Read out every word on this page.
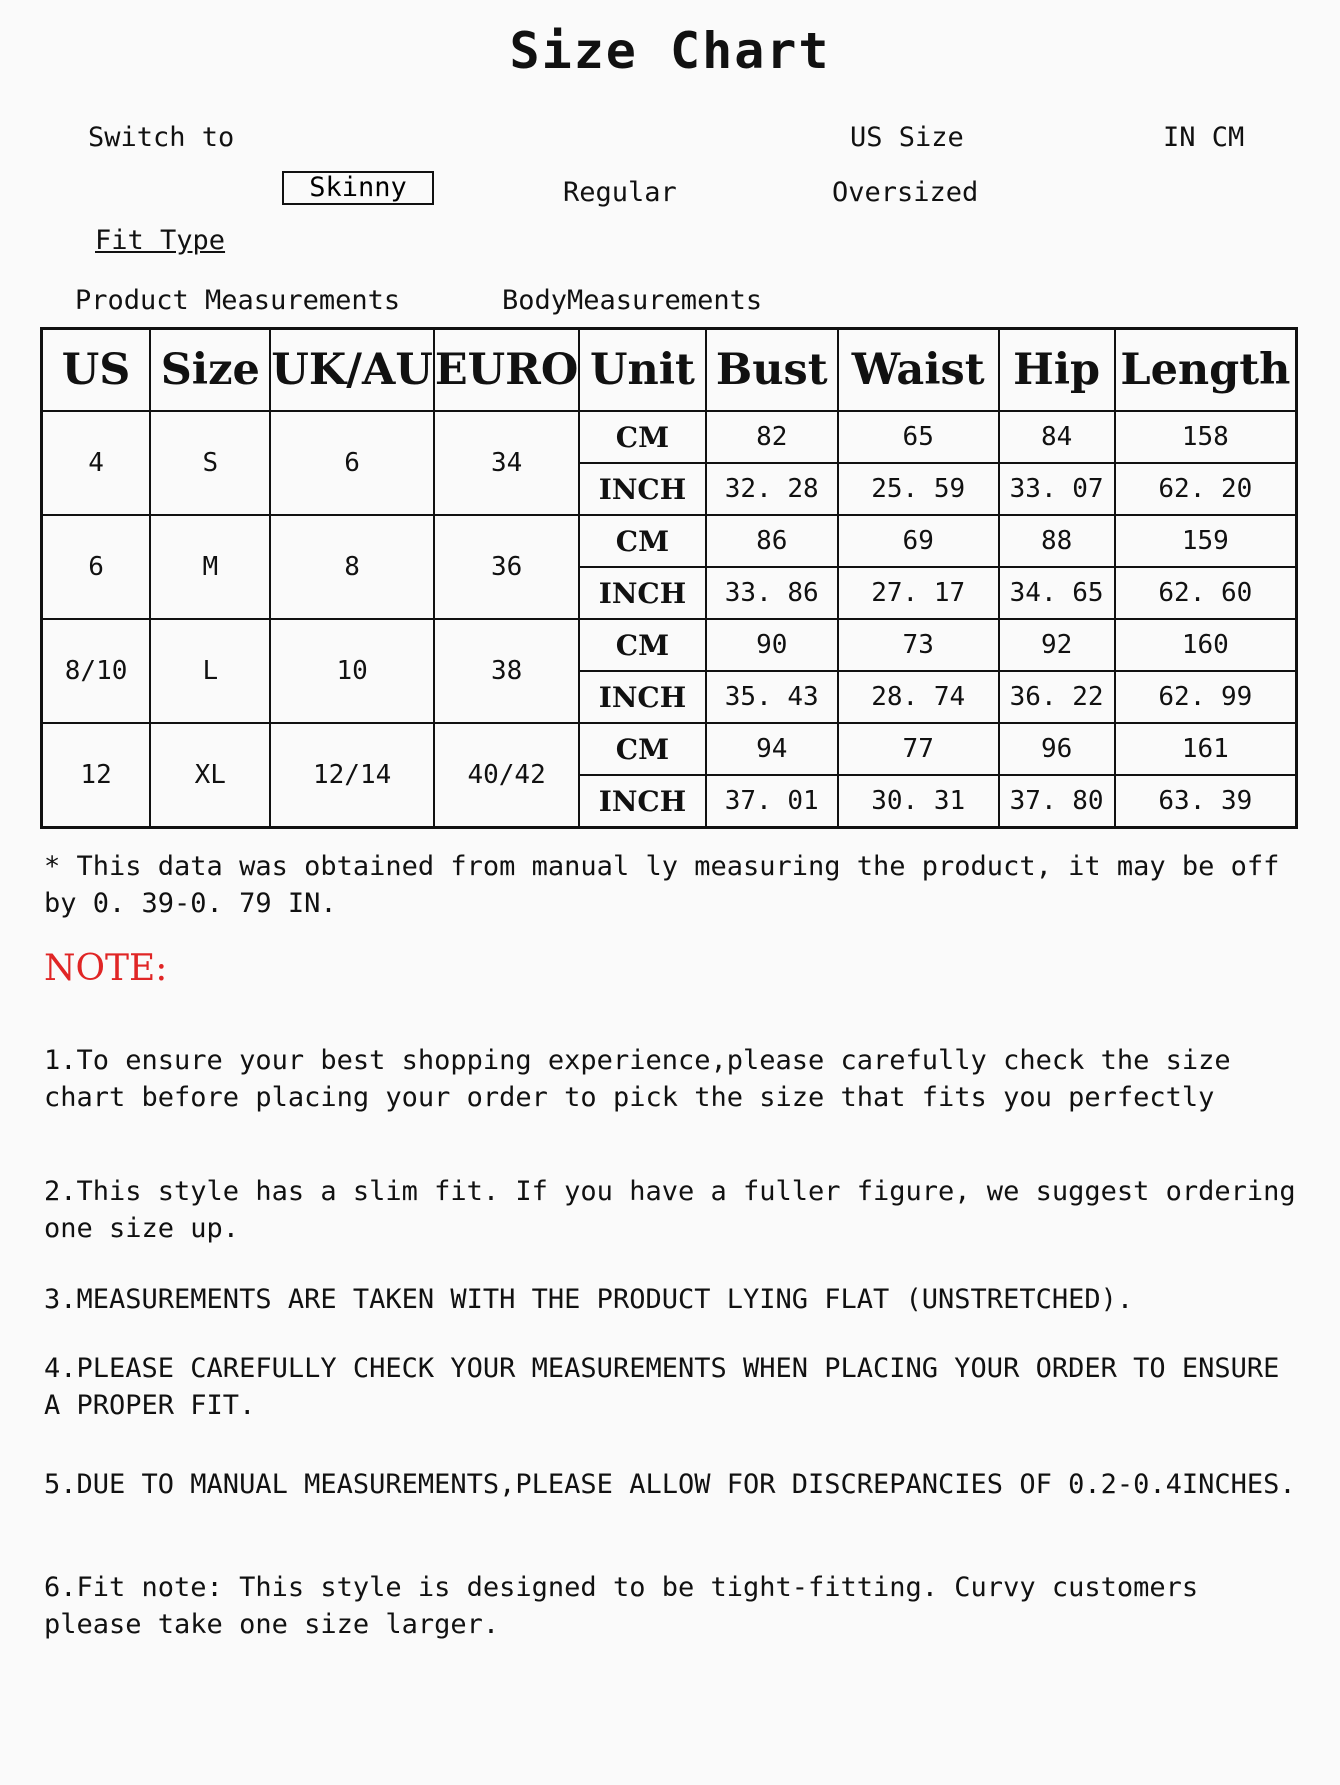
Size Chart
Switch to	US Size	IN CM
Skinny	Regular	Oversized
Fit Type
Product Measurements	BodyMeasurements
US	Size	UK/AU	EURO	Unit	Bust	Waist	Hip	Length
4	S	6	34	CM	82	65	84	158
				INCH	32. 28	25. 59	33. 07	62. 20
6	M	8	36	CM	86	69	88	159
				INCH	33. 86	27. 17	34. 65	62. 60
8/10	L	10	38	CM	90	73	92	160
				INCH	35. 43	28. 74	36. 22	62. 99
12	XL	12/14	40/42	CM	94	77	96	161
				INCH	37. 01	30. 31	37. 80	63. 39
* This data was obtained from manual ly measuring the product, it may be off by 0. 39-0. 79 IN.
NOTE:
1.To ensure your best shopping experience,please carefully check the size chart before placing your order to pick the size that fits you perfectly
2.This style has a slim fit. If you have a fuller figure, we suggest ordering one size up.
3.MEASUREMENTS ARE TAKEN WITH THE PRODUCT LYING FLAT (UNSTRETCHED).
4.PLEASE CAREFULLY CHECK YOUR MEASUREMENTS WHEN PLACING YOUR ORDER TO ENSURE A PROPER FIT.
5.DUE TO MANUAL MEASUREMENTS,PLEASE ALLOW FOR DISCREPANCIES OF 0.2-0.4INCHES.
6.Fit note: This style is designed to be tight-fitting. Curvy customers please take one size larger.
